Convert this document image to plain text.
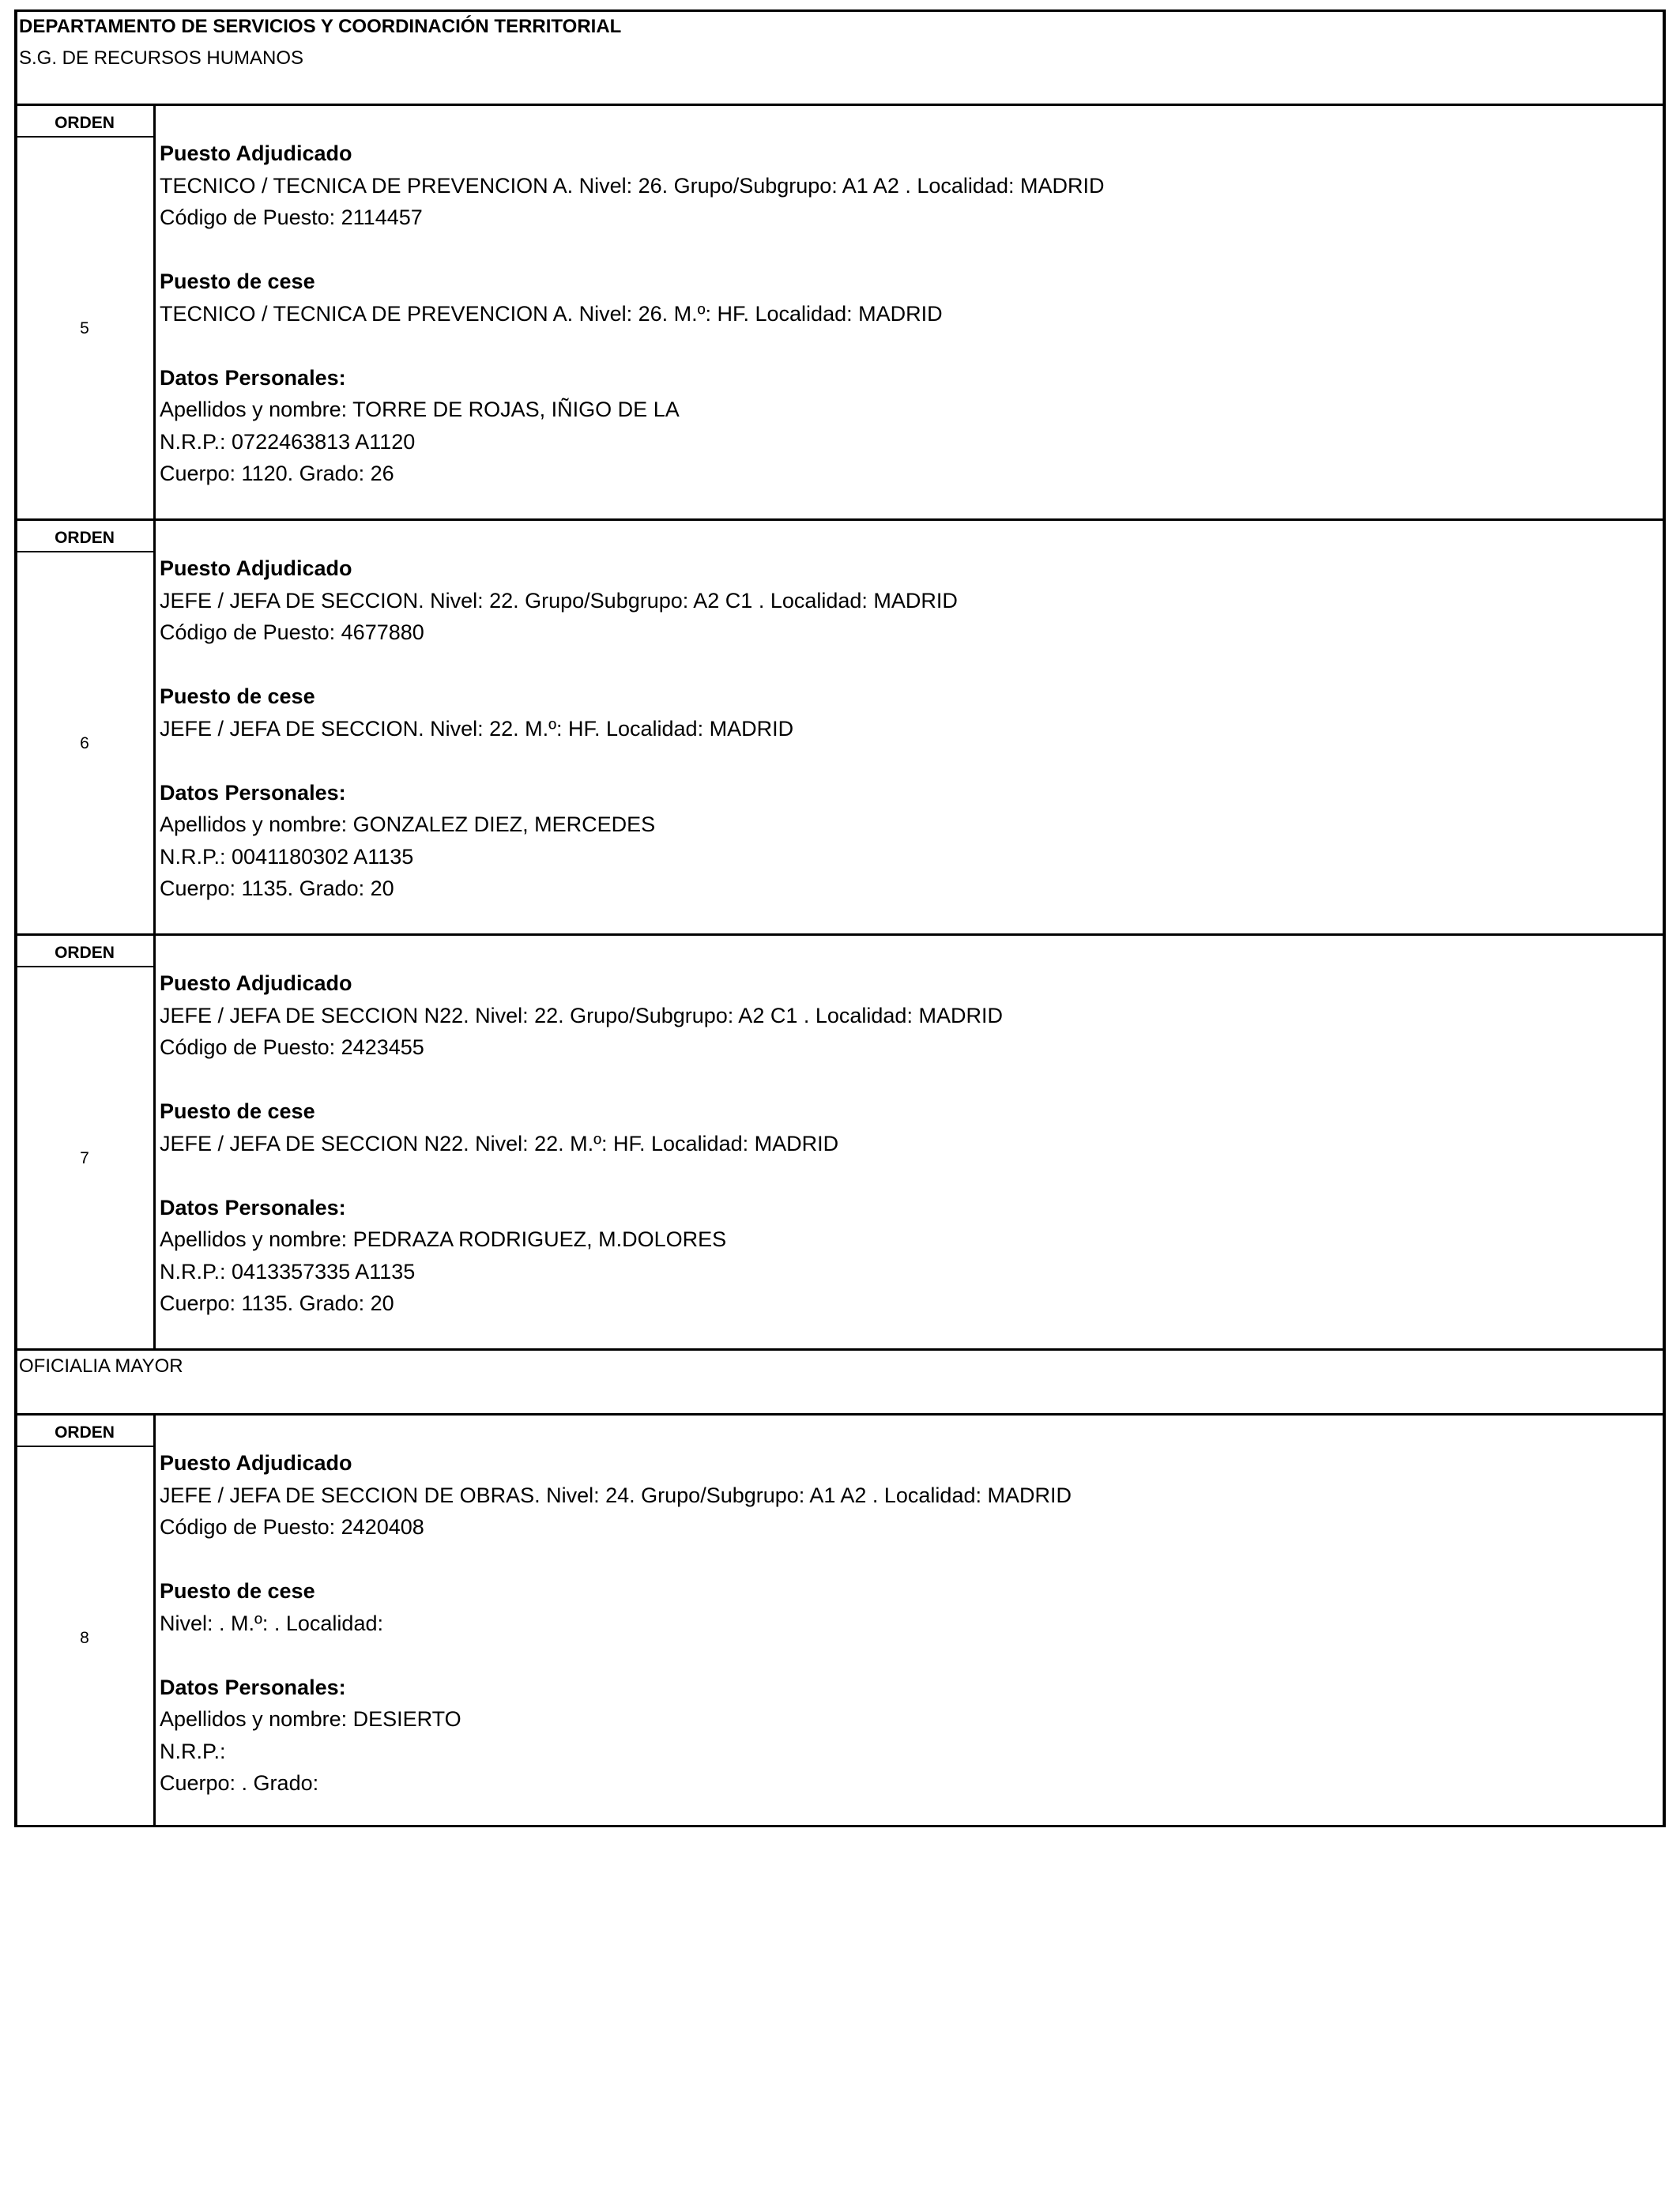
DEPARTAMENTO DE SERVICIOS Y COORDINACIÓN TERRITORIAL
S.G. DE RECURSOS HUMANOS
OFICIALIA MAYOR
ORDEN
5
Puesto Adjudicado
TECNICO / TECNICA DE PREVENCION A. Nivel: 26. Grupo/Subgrupo: A1 A2 . Localidad: MADRID
Código de Puesto: 2114457
Puesto de cese
TECNICO / TECNICA DE PREVENCION A. Nivel: 26. M.º: HF. Localidad: MADRID
Datos Personales:
Apellidos y nombre: TORRE DE ROJAS, IÑIGO DE LA
N.R.P.: 0722463813 A1120
Cuerpo: 1120. Grado: 26
ORDEN
6
Puesto Adjudicado
JEFE / JEFA DE SECCION. Nivel: 22. Grupo/Subgrupo: A2 C1 . Localidad: MADRID
Código de Puesto: 4677880
Puesto de cese
JEFE / JEFA DE SECCION. Nivel: 22. M.º: HF. Localidad: MADRID
Datos Personales:
Apellidos y nombre: GONZALEZ DIEZ, MERCEDES
N.R.P.: 0041180302 A1135
Cuerpo: 1135. Grado: 20
ORDEN
7
Puesto Adjudicado
JEFE / JEFA DE SECCION N22. Nivel: 22. Grupo/Subgrupo: A2 C1 . Localidad: MADRID
Código de Puesto: 2423455
Puesto de cese
JEFE / JEFA DE SECCION N22. Nivel: 22. M.º: HF. Localidad: MADRID
Datos Personales:
Apellidos y nombre: PEDRAZA RODRIGUEZ, M.DOLORES
N.R.P.: 0413357335 A1135
Cuerpo: 1135. Grado: 20
ORDEN
8
Puesto Adjudicado
JEFE / JEFA DE SECCION DE OBRAS. Nivel: 24. Grupo/Subgrupo: A1 A2 . Localidad: MADRID
Código de Puesto: 2420408
Puesto de cese
Nivel: . M.º: . Localidad:
Datos Personales:
Apellidos y nombre: DESIERTO
N.R.P.:
Cuerpo: . Grado:
